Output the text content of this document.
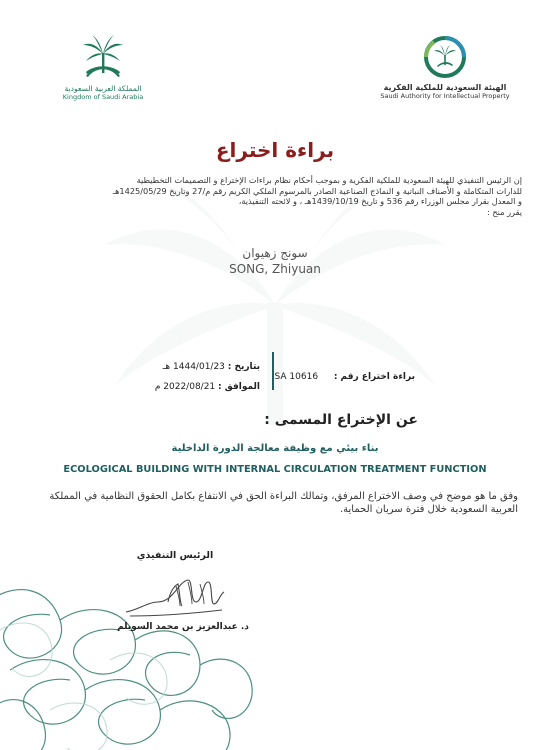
المملكة العربية السعودية
Kingdom of Saudi Arabia
الهيئة السعودية للملكية الفكرية
Saudi Authority for Intellectual Property
براءة اختراع
إن الرئيس التنفيذي للهيئة السعودية للملكية الفكرية و بموجب أحكام نظام براءات الإختراع و التصميمات التخطيطية
للدارات المتكاملة و الأصناف النباتية و النماذج الصناعية الصادر بالمرسوم الملكي الكريم رقم م/27 وتاريخ 1425/05/29هـ
و المعدل بقرار مجلس الوزراء رقم 536 و تاريخ 1439/10/19هـ ، و لائحته التنفيذية،
يقرر منح :
سونج زهيوان
SONG, Zhiyuan
براءة اختراع رقم :  SA 10616
بتاريخ : 1444/01/23 هـ
الموافق : 2022/08/21 م
عن الإختراع المسمى :
بناء بيئي مع وظيفة معالجة الدورة الداخلية
ECOLOGICAL BUILDING WITH INTERNAL CIRCULATION TREATMENT FUNCTION
وفق ما هو موضح في وصف الاختراع المرفق، وتمالك البراءة الحق في الانتفاع بكامل الحقوق النظامية في المملكة العربية السعودية خلال فترة سريان الحماية.
الرئيس التنفيذي
د. عبدالعزيز بن محمد السويلم
